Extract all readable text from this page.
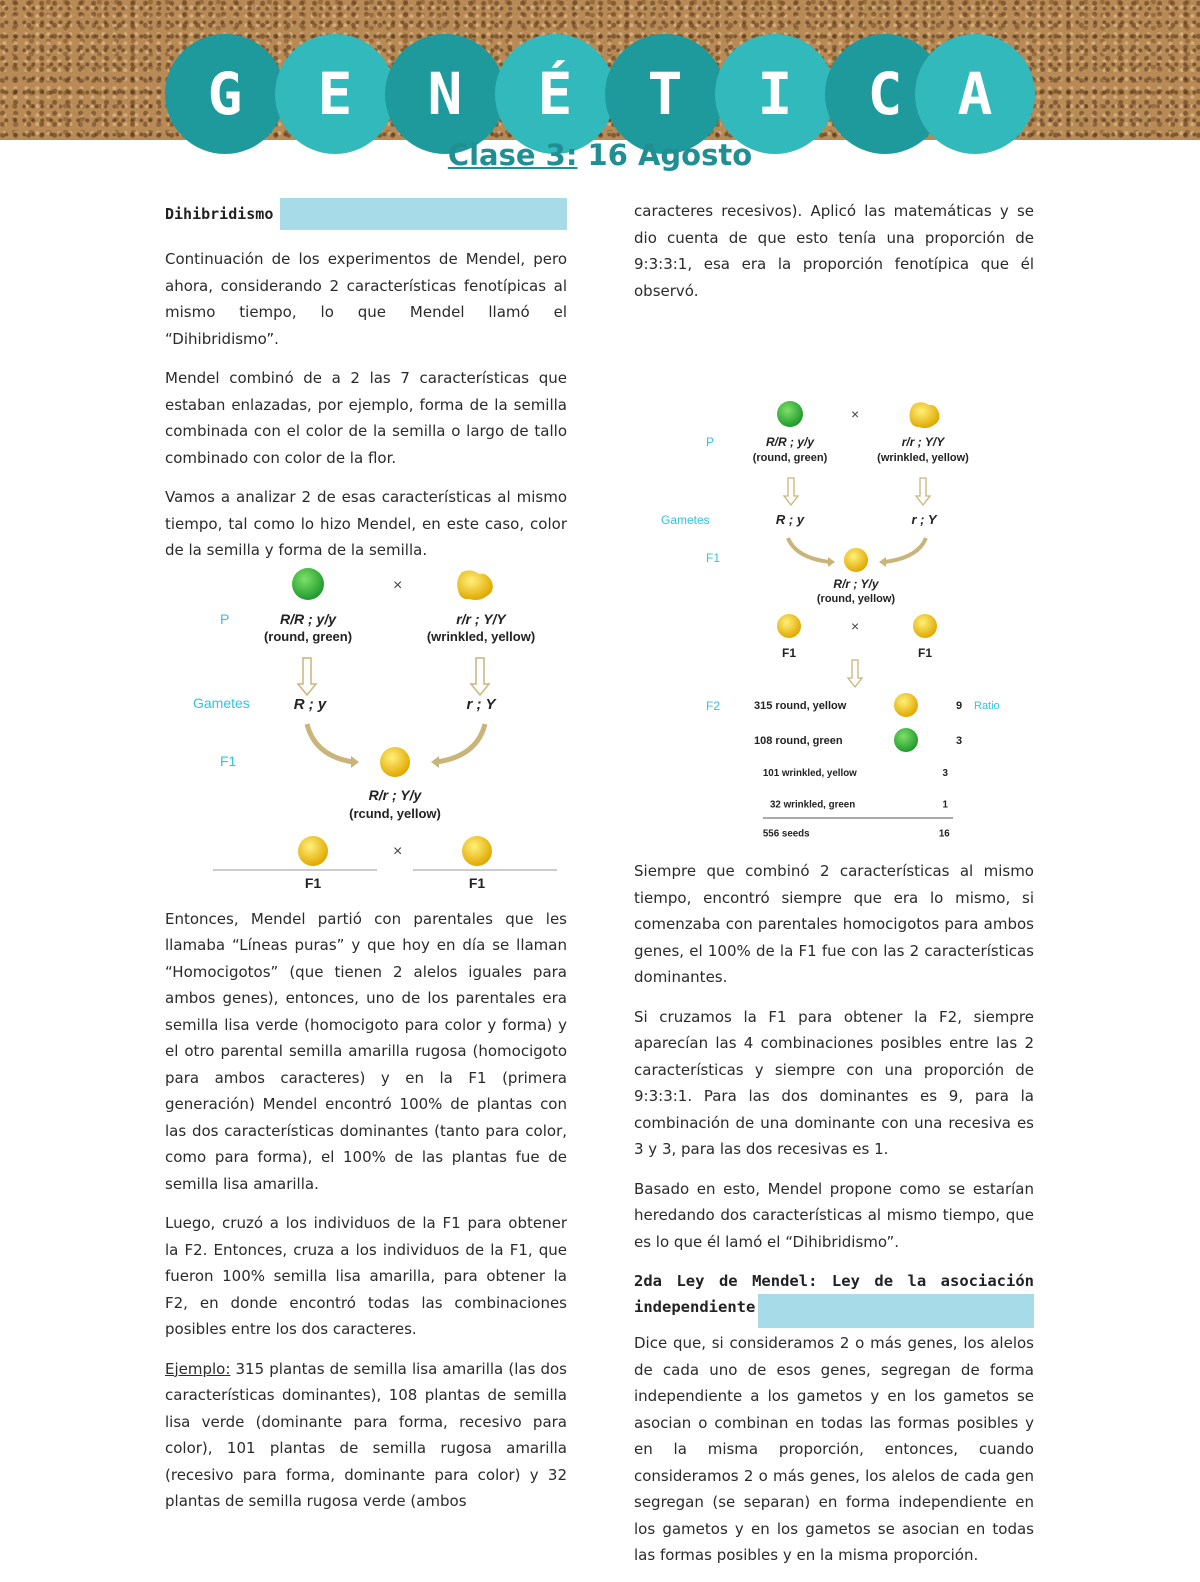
G	E	N	É	T	I	C A
Clase 3: 16 Agosto
Dihibridismo

Continuación de los experimentos de Mendel, pero ahora, considerando 2 características fenotípicas al mismo tiempo, lo que Mendel llamó el “Dihibridismo”.

Mendel combinó de a 2 las 7 características que estaban enlazadas, por ejemplo, forma de la semilla combinada con el color de la semilla o largo de tallo combinado con color de la flor.

Vamos a analizar 2 de esas características al mismo tiempo, tal como lo hizo Mendel, en este caso, color de la semilla y forma de la semilla.

×
P	R/R ; y/y
(round, green)
r/r ; Y/Y
(wrinkled, yellow)
Gametes	R ; y	r ; Y
F1
R/r ; Y/y
(rcund, yellow)
×
F1	F1

Entonces, Mendel partió con parentales que les llamaba “Líneas puras” y que hoy en día se llaman “Homocigotos” (que tienen 2 alelos iguales para ambos genes), entonces, uno de los parentales era semilla lisa verde (homocigoto para color y forma) y el otro parental semilla amarilla rugosa (homocigoto para ambos caracteres) y en la F1 (primera generación) Mendel encontró 100% de plantas con las dos características dominantes (tanto para color, como para forma), el 100% de las plantas fue de semilla lisa amarilla.

Luego, cruzó a los individuos de la F1 para obtener la F2. Entonces, cruza a los individuos de la F1, que fueron 100% semilla lisa amarilla, para obtener la F2, en donde encontró todas las combinaciones posibles entre los dos caracteres.

Ejemplo: 315 plantas de semilla lisa amarilla (las dos características dominantes), 108 plantas de semilla lisa verde (dominante para forma, recesivo para color), 101 plantas de semilla rugosa amarilla (recesivo para forma, dominante para color) y 32 plantas de semilla rugosa verde (ambos

caracteres recesivos). Aplicó las matemáticas y se dio cuenta de que esto tenía una proporción de 9:3:3:1, esa era la proporción fenotípica que él observó.

×
P	R/R ; y/y
(round, green)
r/r ; Y/Y
(wrinkled, yellow)
Gametes	R ; y	r ; Y
F1
R/r ; Y/y
(round, yellow)
×
F1	F1
F2	Ratio
315 round, yellow	9
108 round, green	3
101 wrinkled, yellow	3
32 wrinkled, green	1
556 seeds	16

Siempre que combinó 2 características al mismo tiempo, encontró siempre que era lo mismo, si comenzaba con parentales homocigotos para ambos genes, el 100% de la F1 fue con las 2 características dominantes.

Si cruzamos la F1 para obtener la F2, siempre aparecían las 4 combinaciones posibles entre las 2 características y siempre con una proporción de 9:3:3:1. Para las dos dominantes es 9, para la combinación de una dominante con una recesiva es 3 y 3, para las dos recesivas es 1.

Basado en esto, Mendel propone como se estarían heredando dos características al mismo tiempo, que es lo que él lamó el “Dihibridismo”.

2da Ley de Mendel: Ley de la asociación independiente

Dice que, si consideramos 2 o más genes, los alelos de cada uno de esos genes, segregan de forma independiente a los gametos y en los gametos se asocian o combinan en todas las formas posibles y en la misma proporción, entonces, cuando consideramos 2 o más genes, los alelos de cada gen segregan (se separan) en forma independiente en los gametos y en los gametos se asocian en todas las formas posibles y en la misma proporción.
